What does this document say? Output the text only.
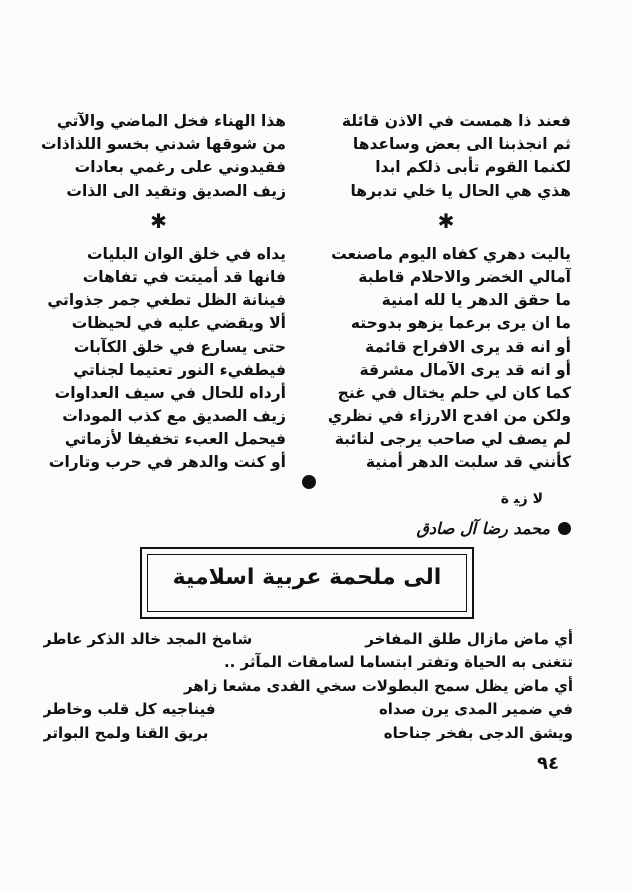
فعند ذا همست في الاذن قائلة
ثم انجذبنا الى بعض وساعدها
لكنما القوم تأبى ذلكم ابدا
هذي هي الحال يا خلي تدبرها
✱
ياليت دهري كفاه اليوم ماصنعت
آمالي الخضر والاحلام قاطبة
ما حقق الدهر يا لله امنية
ما ان يرى برعما يزهو بدوحته
أو انه قد يرى الافراح قائمة
أو انه قد يرى الآمال مشرقة
كما كان لي حلم يختال في غنج
ولكن من افدح الارزاء في نظري
لم يصف لي صاحب يرجى لنائبة
كأنني قد سلبت الدهر أمنية
هذا الهناء فخل الماضي والآتي
من شوقها شدني بخسو اللذاذات
فقيدوني على رغمي بعادات
زيف الصديق وتقيد الى الذات
✱
يداه في خلق الوان البليات
فانها قد أميتت في تفاهات
فينانة الظل تطغي جمر جذواتي
ألا ويقضي عليه في لحيظات
حتى يسارع في خلق الكآبات
فيطفيء النور تعتيما لجناتي
أرداه للحال في سيف العداوات
زيف الصديق مع كذب المودات
فيحمل العبء تخفيفا لأزماتي
أو كنت والدهر في حرب وتارات
ﻻ ﺯﻴ ﺓ
محمد رضا آل صادق
الى ملحمة عربية اسلامية
أي ماض مازال طلق المفاخر
شامخ المجد خالد الذكر عاطر
تتغنى به الحياة وتفتر ابتساما لسامقات المآثر ..
أي ماض يظل سمح البطولات سخي الفدى مشعا زاهر
في ضمير المدى يرن صداه
فيناجيه كل قلب وخاطر
ويشق الدجى بفخر جناحاه
بريق القنا ولمح البواتر
٩٤
